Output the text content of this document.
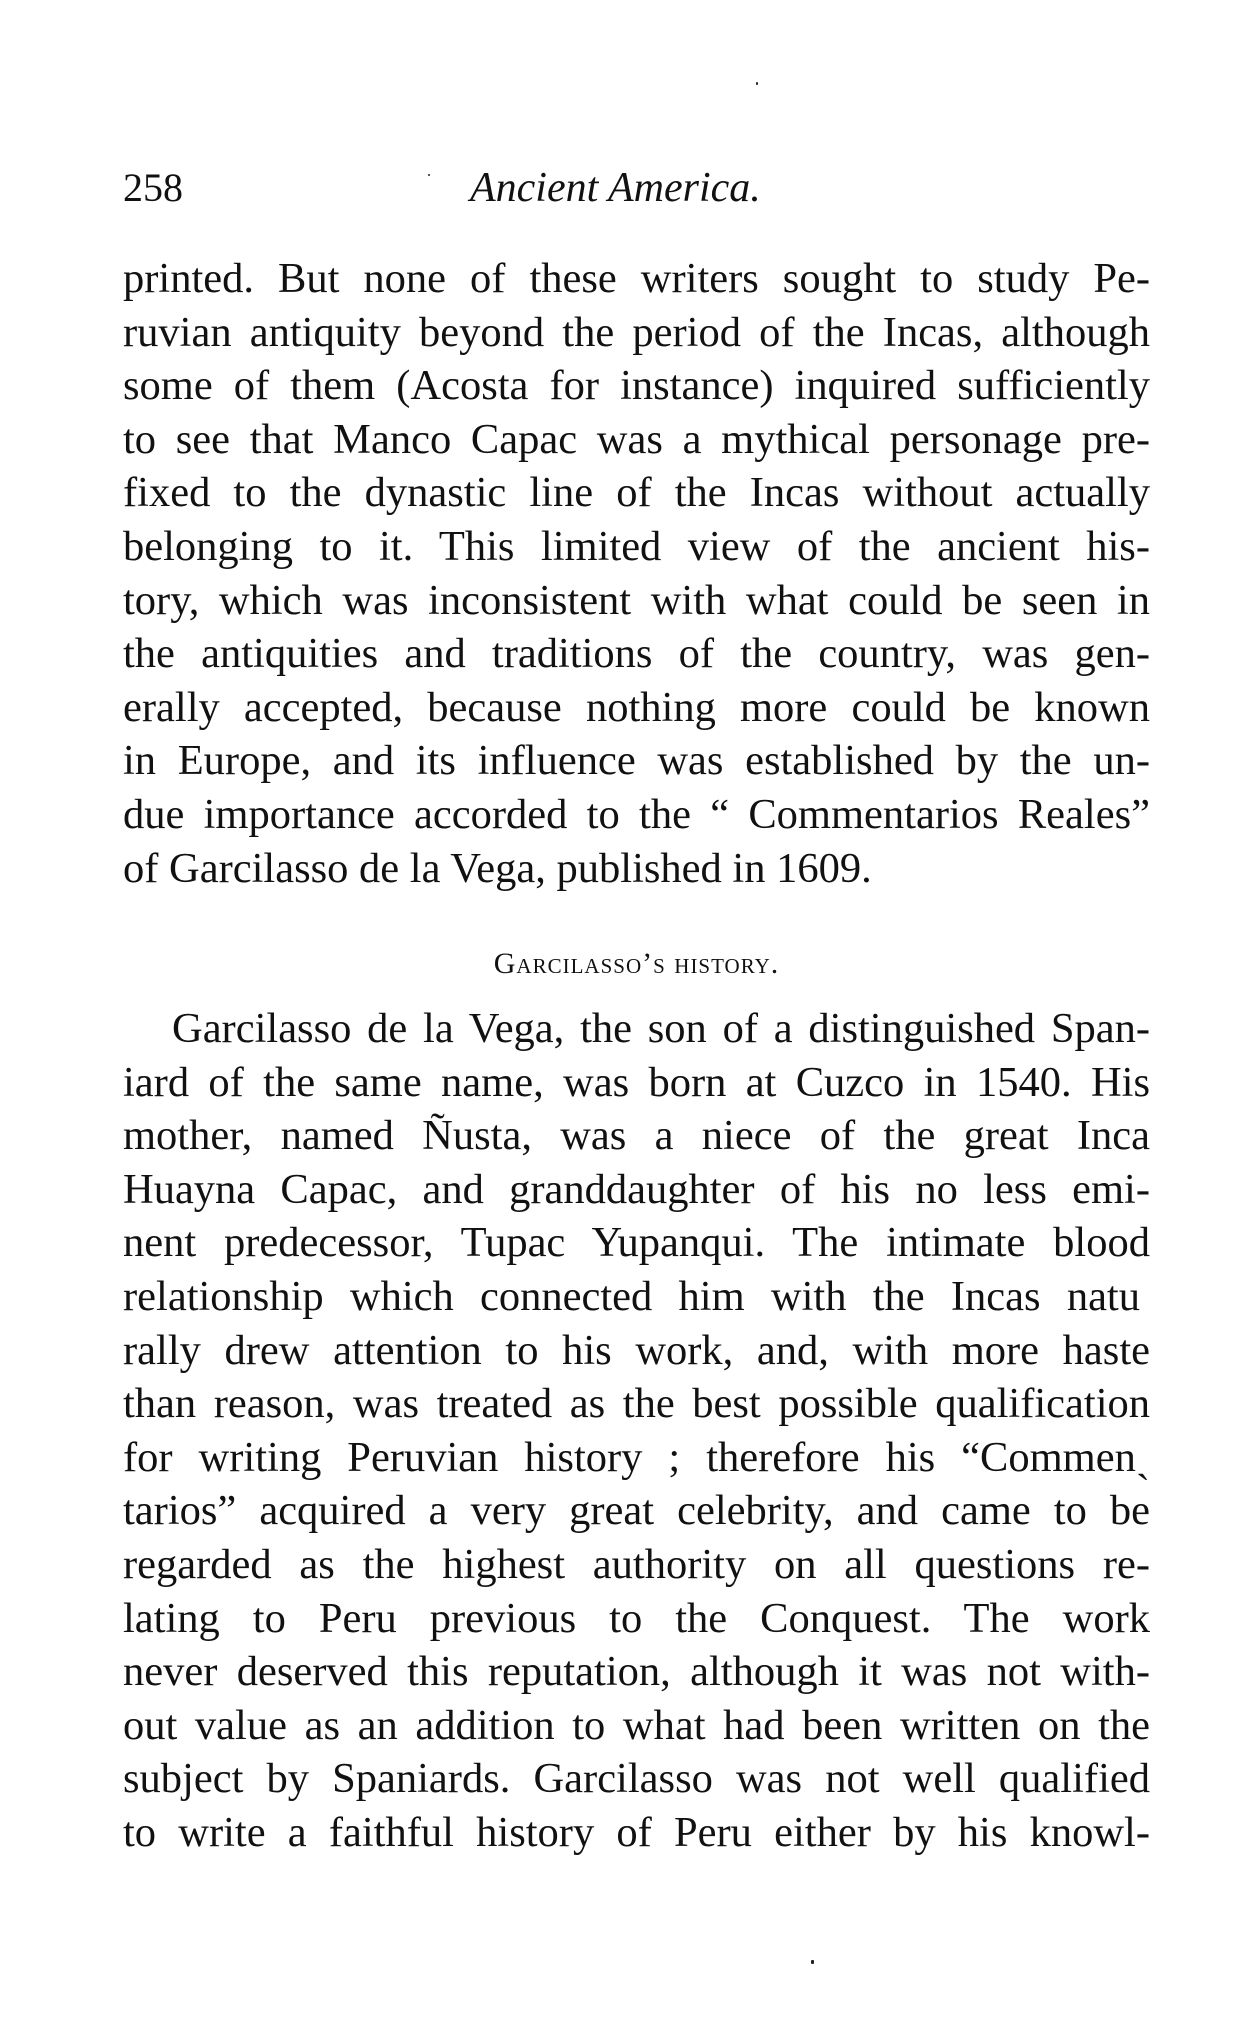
258	Ancient America.
printed. But none of these writers sought to study Pe-
ruvian antiquity beyond the period of the Incas, although
some of them (Acosta for instance) inquired sufficiently
to see that Manco Capac was a mythical personage pre-
fixed to the dynastic line of the Incas without actually
belonging to it. This limited view of the ancient his-
tory, which was inconsistent with what could be seen in
the antiquities and traditions of the country, was gen-
erally accepted, because nothing more could be known
in Europe, and its influence was established by the un-
due importance accorded to the “ Commentarios Reales”
of Garcilasso de la Vega, published in 1609.
Garcilasso’s history.
Garcilasso de la Vega, the son of a distinguished Span-
iard of the same name, was born at Cuzco in 1540. His
mother, named Ñusta, was a niece of the great Inca
Huayna Capac, and granddaughter of his no less emi-
nent predecessor, Tupac Yupanqui. The intimate blood
relationship which connected him with the Incas natu
rally drew attention to his work, and, with more haste
than reason, was treated as the best possible qualification
for writing Peruvian history ; therefore his “Commenˎ
tarios” acquired a very great celebrity, and came to be
regarded as the highest authority on all questions re-
lating to Peru previous to the Conquest. The work
never deserved this reputation, although it was not with-
out value as an addition to what had been written on the
subject by Spaniards. Garcilasso was not well qualified
to write a faithful history of Peru either by his knowl-
